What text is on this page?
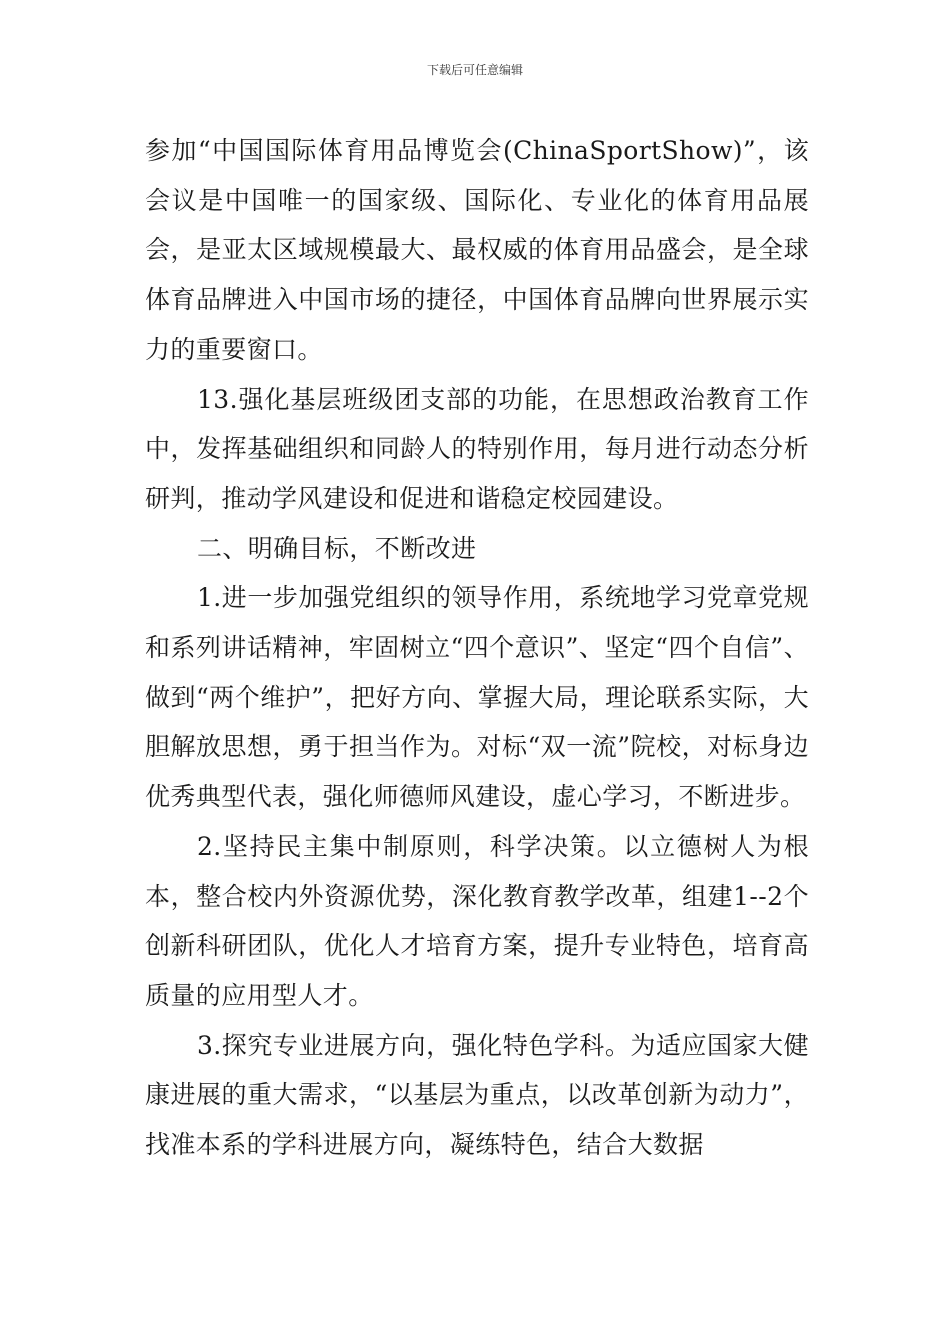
下载后可任意编辑

参加“中国国际体育用品博览会(ChinaSportShow)”，该会议是中国唯一的国家级、国际化、专业化的体育用品展会，是亚太区域规模最大、最权威的体育用品盛会，是全球体育品牌进入中国市场的捷径，中国体育品牌向世界展示实力的重要窗口。

13.强化基层班级团支部的功能，在思想政治教育工作中，发挥基础组织和同龄人的特别作用，每月进行动态分析研判，推动学风建设和促进和谐稳定校园建设。

二、明确目标，不断改进

1.进一步加强党组织的领导作用，系统地学习党章党规和系列讲话精神，牢固树立“四个意识”、坚定“四个自信”、做到“两个维护”，把好方向、掌握大局，理论联系实际，大胆解放思想，勇于担当作为。对标“双一流”院校，对标身边优秀典型代表，强化师德师风建设，虚心学习，不断进步。

2.坚持民主集中制原则，科学决策。以立德树人为根本，整合校内外资源优势，深化教育教学改革，组建1--2个创新科研团队，优化人才培育方案，提升专业特色，培育高质量的应用型人才。

3.探究专业进展方向，强化特色学科。为适应国家大健康进展的重大需求，“以基层为重点，以改革创新为动力”，找准本系的学科进展方向，凝练特色，结合大数据
